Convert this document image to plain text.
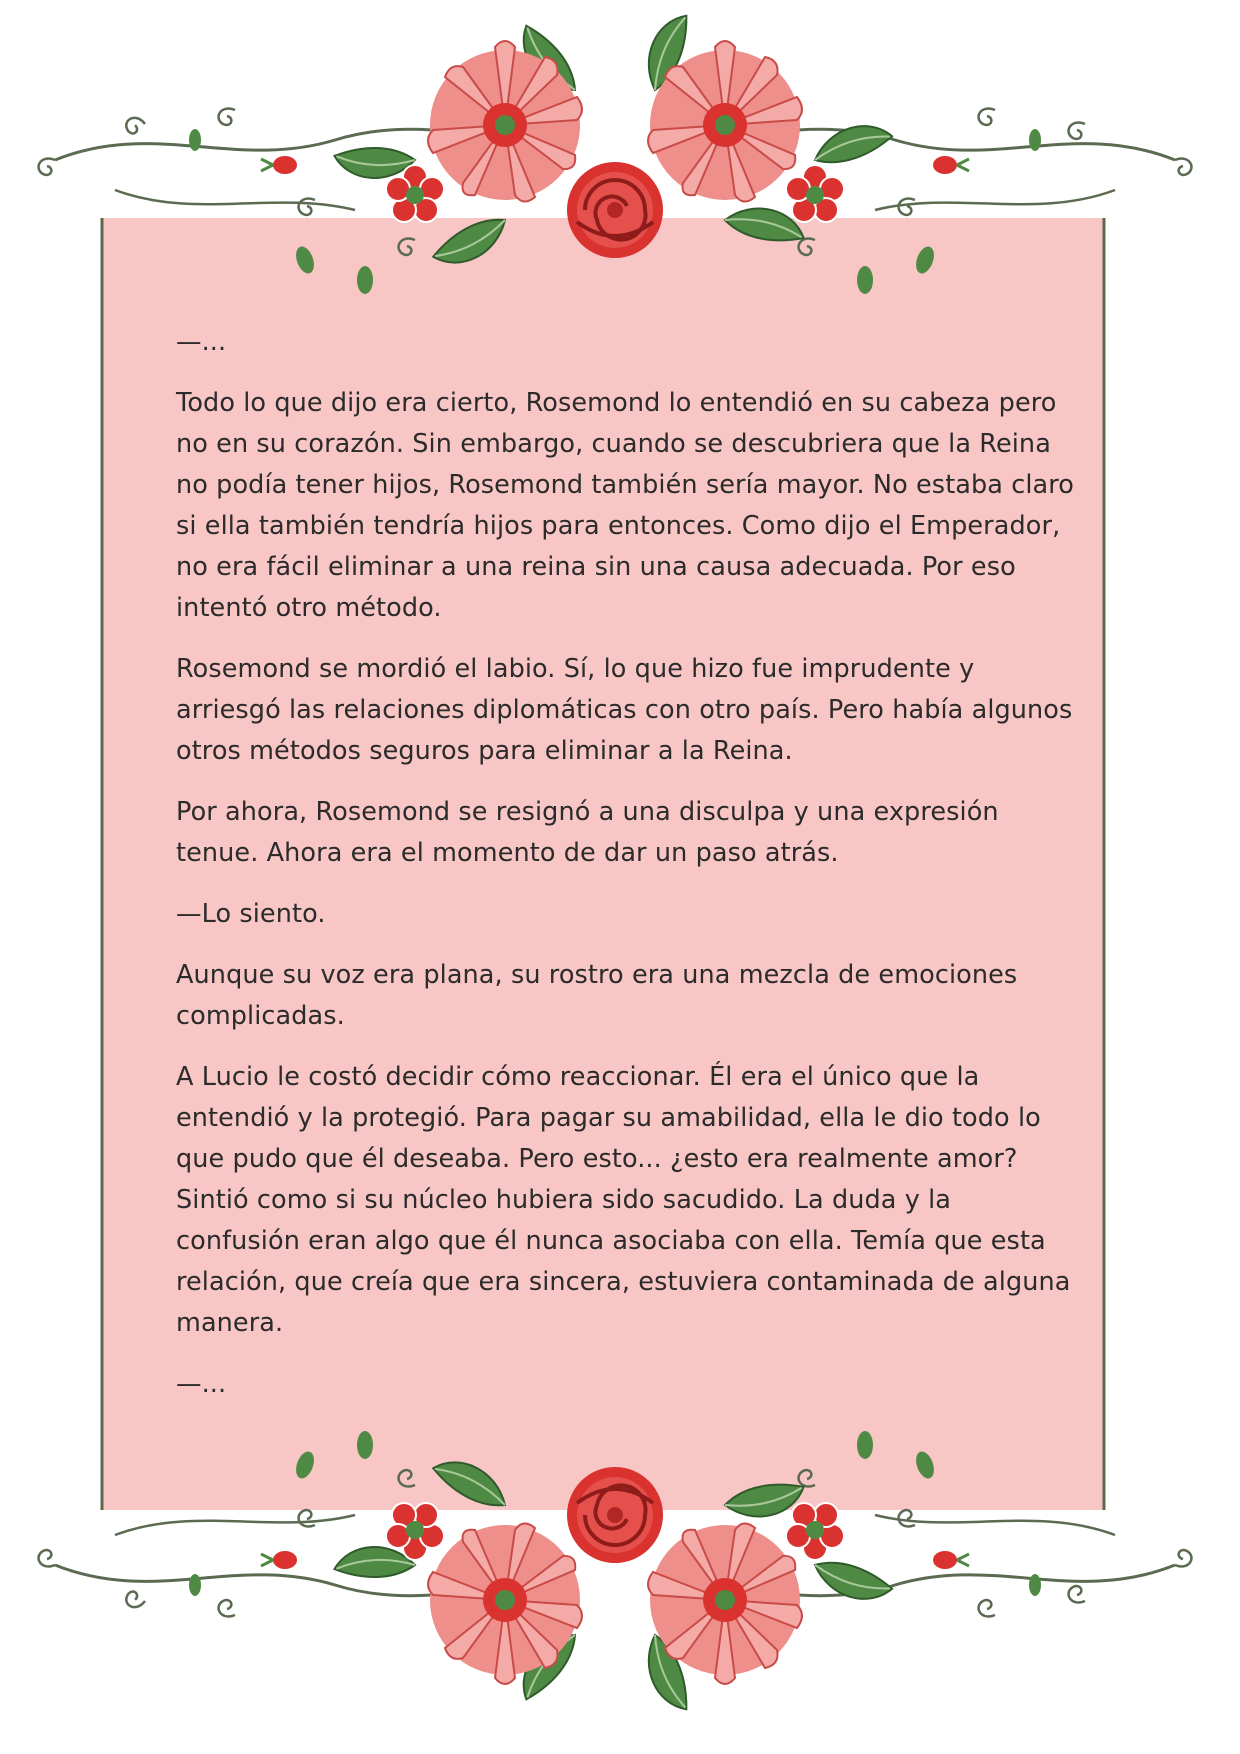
—...

Todo lo que dijo era cierto, Rosemond lo entendió en su cabeza pero no en su corazón. Sin embargo, cuando se descubriera que la Reina no podía tener hijos, Rosemond también sería mayor. No estaba claro si ella también tendría hijos para entonces. Como dijo el Emperador, no era fácil eliminar a una reina sin una causa adecuada. Por eso intentó otro método.

Rosemond se mordió el labio. Sí, lo que hizo fue imprudente y arriesgó las relaciones diplomáticas con otro país. Pero había algunos otros métodos seguros para eliminar a la Reina.

Por ahora, Rosemond se resignó a una disculpa y una expresión tenue. Ahora era el momento de dar un paso atrás.

—Lo siento.

Aunque su voz era plana, su rostro era una mezcla de emociones complicadas.

A Lucio le costó decidir cómo reaccionar. Él era el único que la entendió y la protegió. Para pagar su amabilidad, ella le dio todo lo que pudo que él deseaba. Pero esto... ¿esto era realmente amor? Sintió como si su núcleo hubiera sido sacudido. La duda y la confusión eran algo que él nunca asociaba con ella. Temía que esta relación, que creía que era sincera, estuviera contaminada de alguna manera.

—...
